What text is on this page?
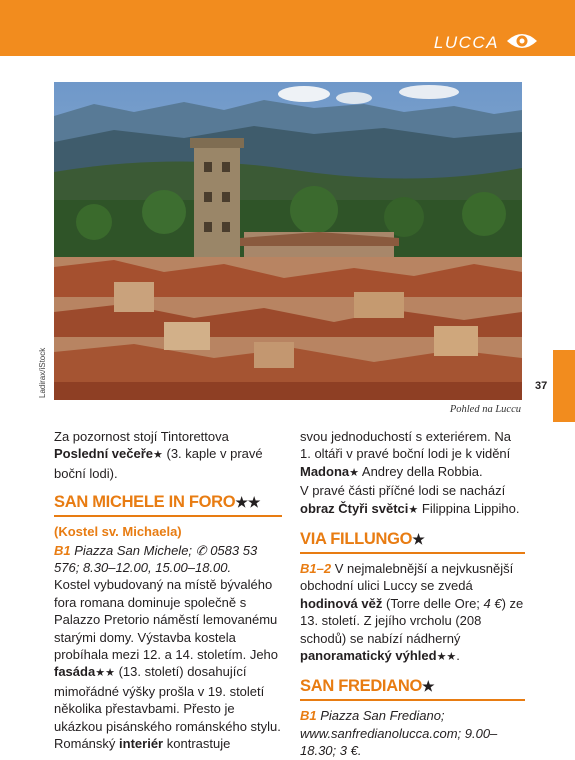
LUCCA
Ladirax/iStock
Pohled na Luccu
37

Za pozornost stojí Tintorettova Poslední večeře★ (3. kaple v pravé boční lodi).

SAN MICHELE IN FORO★★
(Kostel sv. Michaela)

B1 Piazza San Michele; ✆ 0583 53 576; 8.30–12.00, 15.00–18.00.

Kostel vybudovaný na místě bývalého fora romana dominuje společně s Palazzo Pretorio náměstí lemovanému starými domy. Výstavba kostela probíhala mezi 12. a 14. stoletím. Jeho fasáda★★ (13. století) dosahující mimořádné výšky prošla v 19. století několika přestavbami. Přesto je ukázkou pisánského románského stylu. Románský interiér kontrastuje

svou jednoduchostí s exteriérem. Na 1. oltáři v pravé boční lodi je k vidění Madona★ Andrey della Robbia.

V pravé části příčné lodi se nachází obraz Čtyři světci★ Filippina Lippiho.

VIA FILLUNGO★

B1–2 V nejmalebnější a nejvkusnější obchodní ulici Luccy se zvedá hodinová věž (Torre delle Ore; 4 €) ze 13. století. Z jejího vrcholu (208 schodů) se nabízí nádherný panoramatický výhled★★.

SAN FREDIANO★

B1 Piazza San Frediano; www.sanfredianolucca.com; 9.00–18.30; 3 €.
